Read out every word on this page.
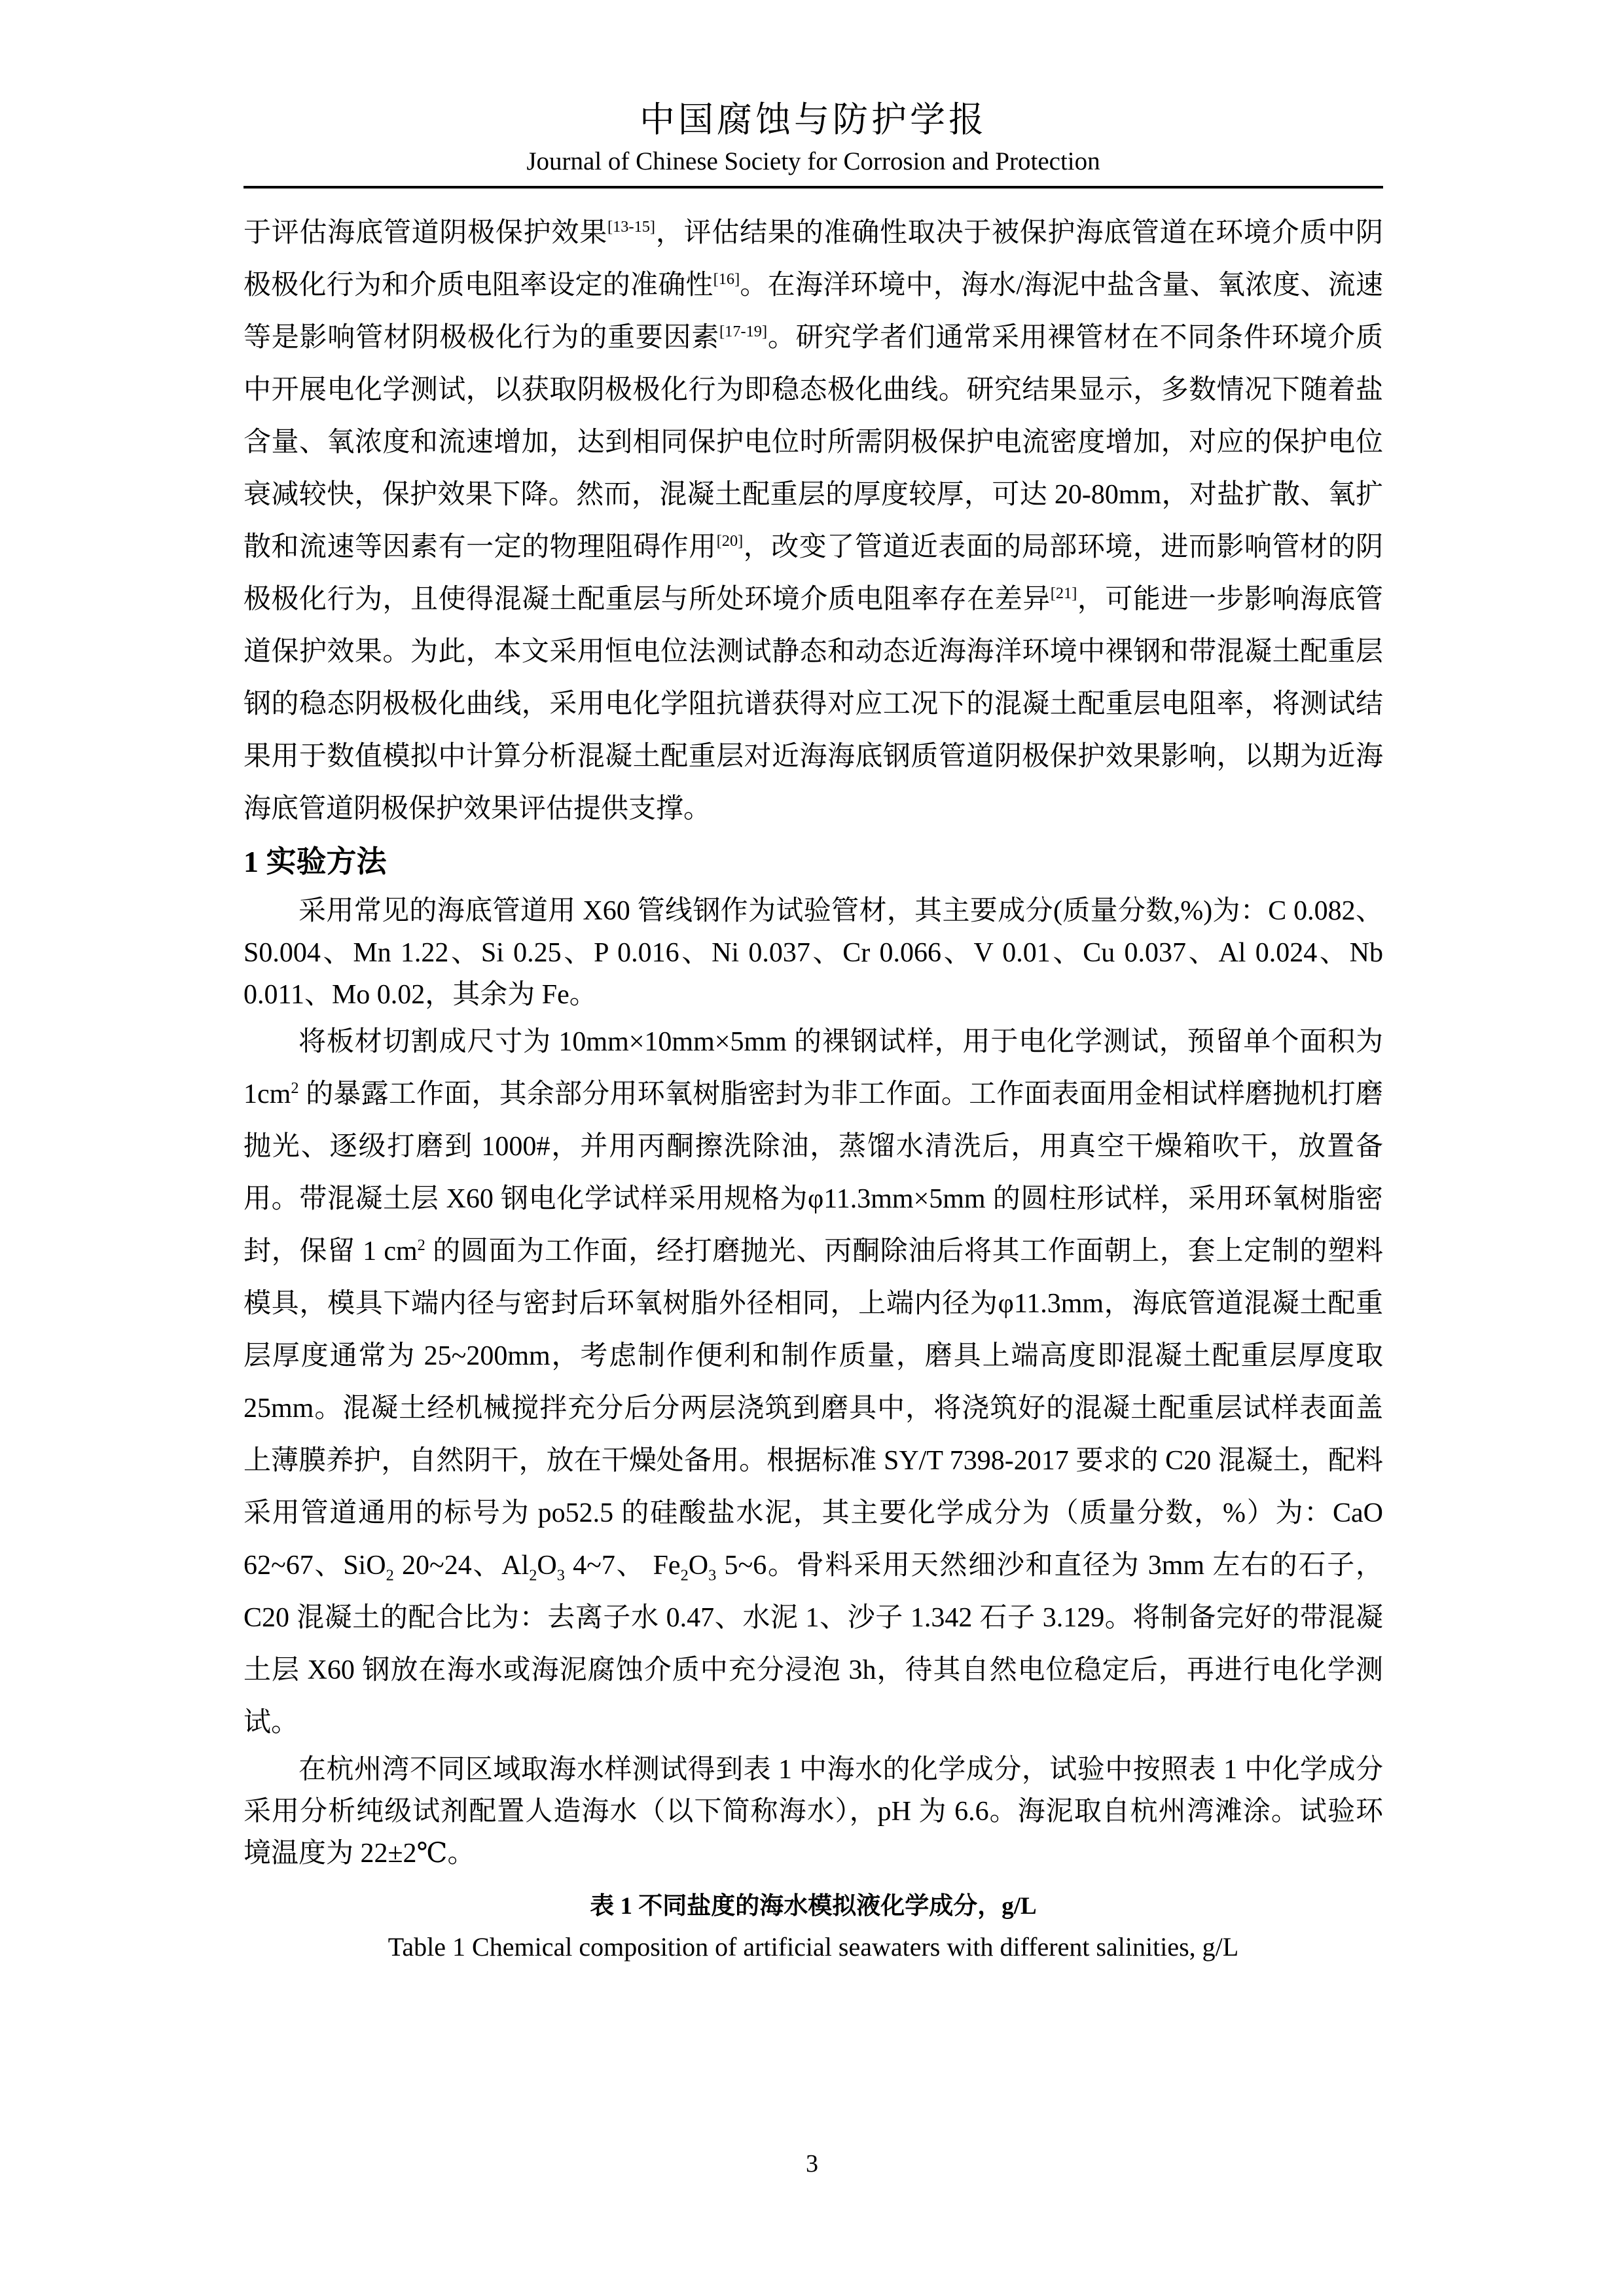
中国腐蚀与防护学报
Journal of Chinese Society for Corrosion and Protection

于评估海底管道阴极保护效果[13-15]，评估结果的准确性取决于被保护海底管道在环境介质中阴极极化行为和介质电阻率设定的准确性[16]。在海洋环境中，海水/海泥中盐含量、氧浓度、流速等是影响管材阴极极化行为的重要因素[17-19]。研究学者们通常采用裸管材在不同条件环境介质中开展电化学测试，以获取阴极极化行为即稳态极化曲线。研究结果显示，多数情况下随着盐含量、氧浓度和流速增加，达到相同保护电位时所需阴极保护电流密度增加，对应的保护电位衰减较快，保护效果下降。然而，混凝土配重层的厚度较厚，可达 20-80mm，对盐扩散、氧扩散和流速等因素有一定的物理阻碍作用[20]，改变了管道近表面的局部环境，进而影响管材的阴极极化行为，且使得混凝土配重层与所处环境介质电阻率存在差异[21]，可能进一步影响海底管道保护效果。为此，本文采用恒电位法测试静态和动态近海海洋环境中裸钢和带混凝土配重层钢的稳态阴极极化曲线，采用电化学阻抗谱获得对应工况下的混凝土配重层电阻率，将测试结果用于数值模拟中计算分析混凝土配重层对近海海底钢质管道阴极保护效果影响，以期为近海海底管道阴极保护效果评估提供支撑。

1 实验方法

采用常见的海底管道用 X60 管线钢作为试验管材，其主要成分(质量分数,%)为：C 0.082、S0.004、Mn 1.22、Si 0.25、P 0.016、Ni 0.037、Cr 0.066、V 0.01、Cu 0.037、Al 0.024、Nb 0.011、Mo 0.02，其余为 Fe。

将板材切割成尺寸为 10mm×10mm×5mm 的裸钢试样，用于电化学测试，预留单个面积为 $1cm^2$ 的暴露工作面，其余部分用环氧树脂密封为非工作面。工作面表面用金相试样磨抛机打磨抛光、逐级打磨到 1000#，并用丙酮擦洗除油，蒸馏水清洗后，用真空干燥箱吹干，放置备用。带混凝土层 X60 钢电化学试样采用规格为φ11.3mm×5mm 的圆柱形试样，采用环氧树脂密封，保留 1 $cm^2$ 的圆面为工作面，经打磨抛光、丙酮除油后将其工作面朝上，套上定制的塑料模具，模具下端内径与密封后环氧树脂外径相同，上端内径为φ11.3mm，海底管道混凝土配重层厚度通常为 25~200mm，考虑制作便利和制作质量，磨具上端高度即混凝土配重层厚度取 25mm。混凝土经机械搅拌充分后分两层浇筑到磨具中，将浇筑好的混凝土配重层试样表面盖上薄膜养护，自然阴干，放在干燥处备用。根据标准 SY/T 7398-2017 要求的 C20 混凝土，配料采用管道通用的标号为 po52.5 的硅酸盐水泥，其主要化学成分为（质量分数，%）为：CaO 62~67、SiO$_2$ 20~24、$Al_2O_3$ 4~7、 $Fe_2O_3$ 5~6。骨料采用天然细沙和直径为 3mm 左右的石子，C20 混凝土的配合比为：去离子水 0.47、水泥 1、沙子 1.342 石子 3.129。将制备完好的带混凝土层 X60 钢放在海水或海泥腐蚀介质中充分浸泡 3h，待其自然电位稳定后，再进行电化学测试。

在杭州湾不同区域取海水样测试得到表 1 中海水的化学成分，试验中按照表 1 中化学成分采用分析纯级试剂配置人造海水（以下简称海水），pH 为 6.6。海泥取自杭州湾滩涂。试验环境温度为 22±2℃。

表 1 不同盐度的海水模拟液化学成分，g/L
Table 1 Chemical composition of artificial seawaters with different salinities, g/L
3
